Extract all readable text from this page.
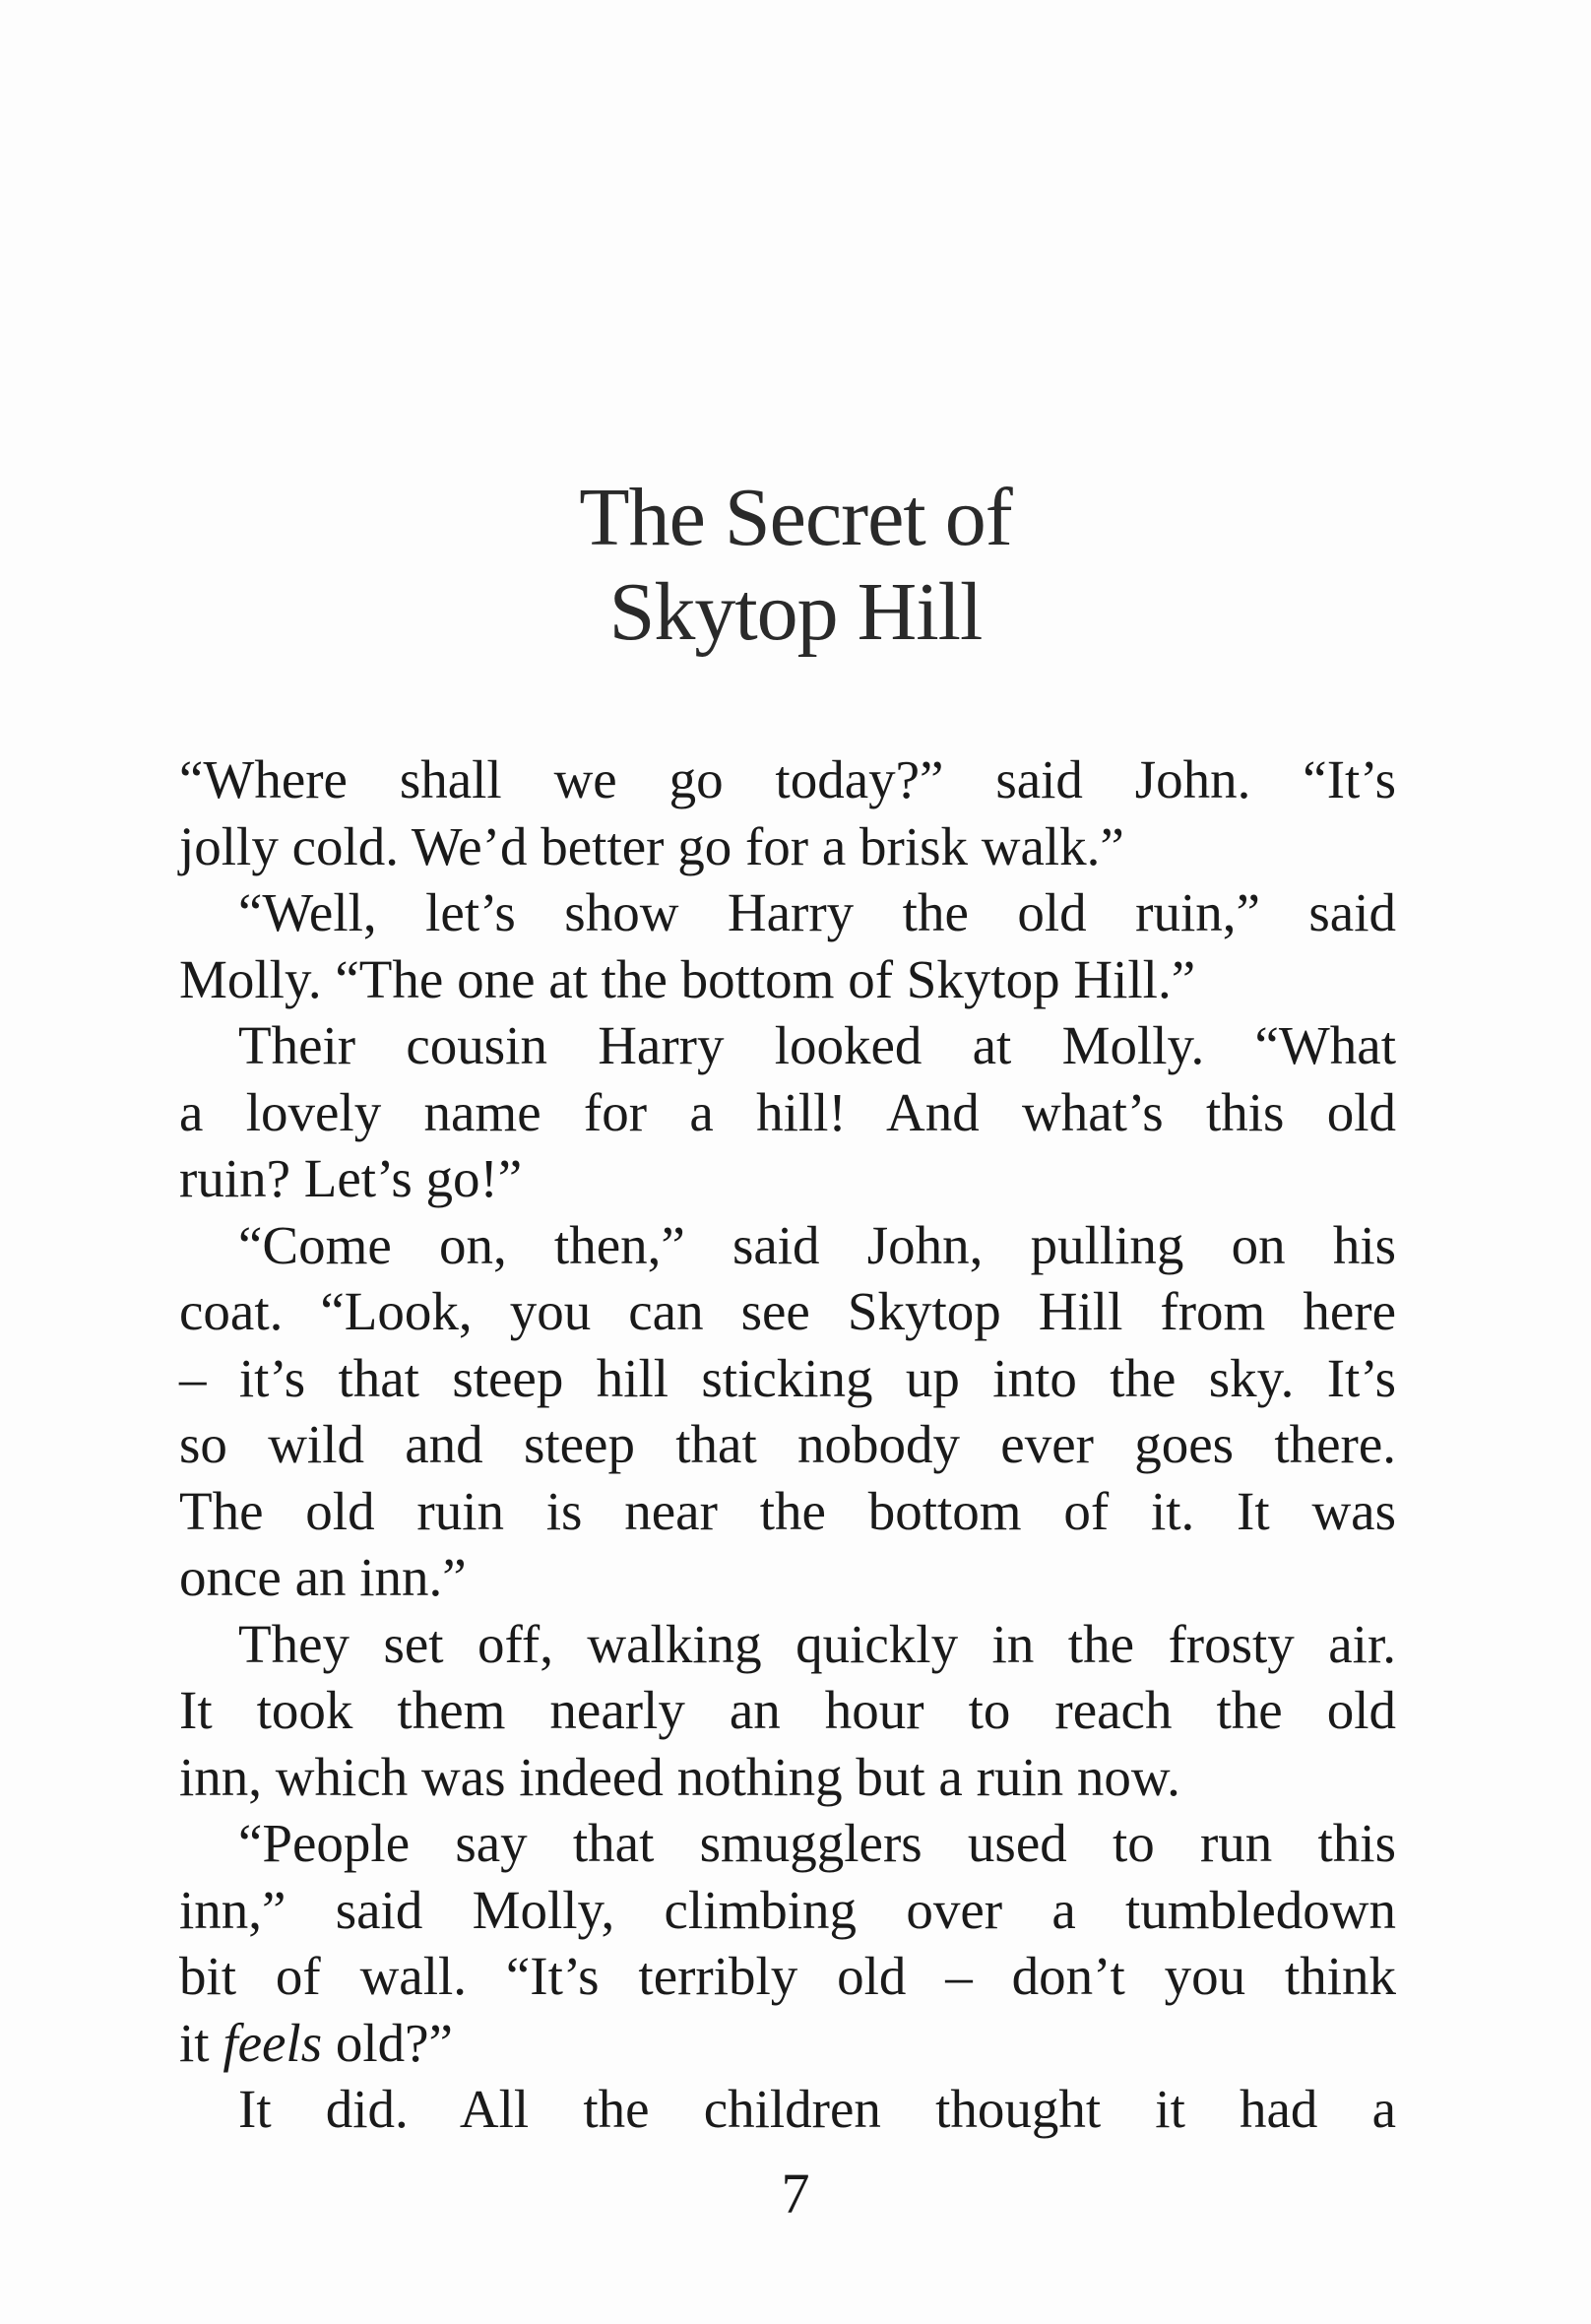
The Secret of
Skytop Hill
“Where shall we go today?” said John. “It’s
jolly cold. We’d better go for a brisk walk.”
“Well, let’s show Harry the old ruin,” said
Molly. “The one at the bottom of Skytop Hill.”
Their cousin Harry looked at Molly. “What
a lovely name for a hill! And what’s this old
ruin? Let’s go!”
“Come on, then,” said John, pulling on his
coat. “Look, you can see Skytop Hill from here
– it’s that steep hill sticking up into the sky. It’s
so wild and steep that nobody ever goes there.
The old ruin is near the bottom of it. It was
once an inn.”
They set off, walking quickly in the frosty air.
It took them nearly an hour to reach the old
inn, which was indeed nothing but a ruin now.
“People say that smugglers used to run this
inn,” said Molly, climbing over a tumbledown
bit of wall. “It’s terribly old – don’t you think
it feels old?”
It did. All the children thought it had a
7
